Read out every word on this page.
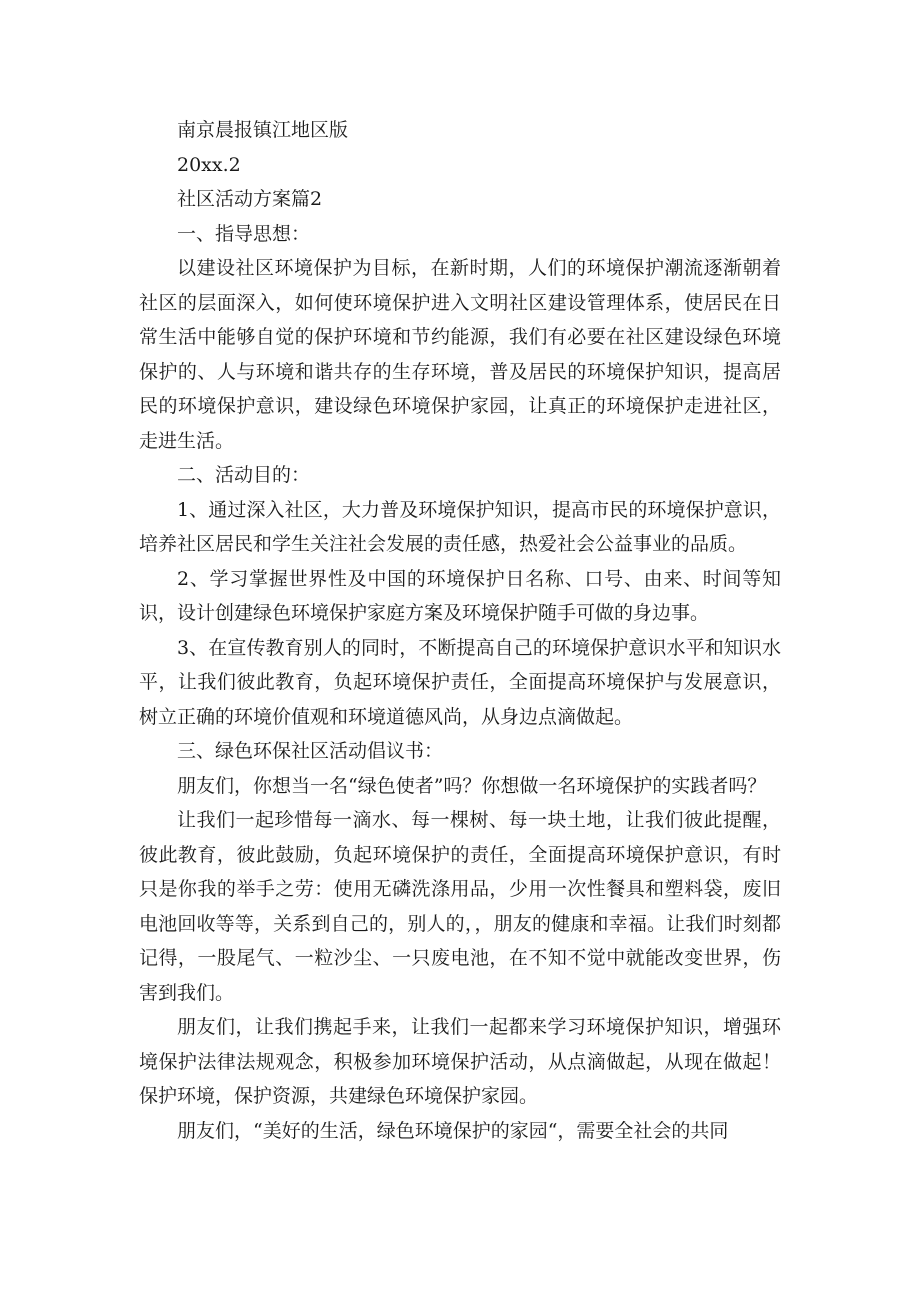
南京晨报镇江地区版

20xx.2

社区活动方案篇2

一、指导思想：

以建设社区环境保护为目标，在新时期，人们的环境保护潮流逐渐朝着社区的层面深入，如何使环境保护进入文明社区建设管理体系，使居民在日常生活中能够自觉的保护环境和节约能源，我们有必要在社区建设绿色环境保护的、人与环境和谐共存的生存环境，普及居民的环境保护知识，提高居民的环境保护意识，建设绿色环境保护家园，让真正的环境保护走进社区，走进生活。

二、活动目的：

1、通过深入社区，大力普及环境保护知识，提高市民的环境保护意识，培养社区居民和学生关注社会发展的责任感，热爱社会公益事业的品质。

2、学习掌握世界性及中国的环境保护日名称、口号、由来、时间等知识，设计创建绿色环境保护家庭方案及环境保护随手可做的身边事。

3、在宣传教育别人的同时，不断提高自己的环境保护意识水平和知识水平，让我们彼此教育，负起环境保护责任，全面提高环境保护与发展意识，树立正确的环境价值观和环境道德风尚，从身边点滴做起。

三、绿色环保社区活动倡议书：

朋友们，你想当一名“绿色使者”吗？你想做一名环境保护的实践者吗？

让我们一起珍惜每一滴水、每一棵树、每一块土地，让我们彼此提醒，彼此教育，彼此鼓励，负起环境保护的责任，全面提高环境保护意识，有时只是你我的举手之劳：使用无磷洗涤用品，少用一次性餐具和塑料袋，废旧电池回收等等，关系到自己的，别人的，，朋友的健康和幸福。让我们时刻都记得，一股尾气、一粒沙尘、一只废电池，在不知不觉中就能改变世界，伤害到我们。

朋友们，让我们携起手来，让我们一起都来学习环境保护知识，增强环境保护法律法规观念，积极参加环境保护活动，从点滴做起，从现在做起！保护环境，保护资源，共建绿色环境保护家园。

朋友们，“美好的生活，绿色环境保护的家园“，需要全社会的共同
